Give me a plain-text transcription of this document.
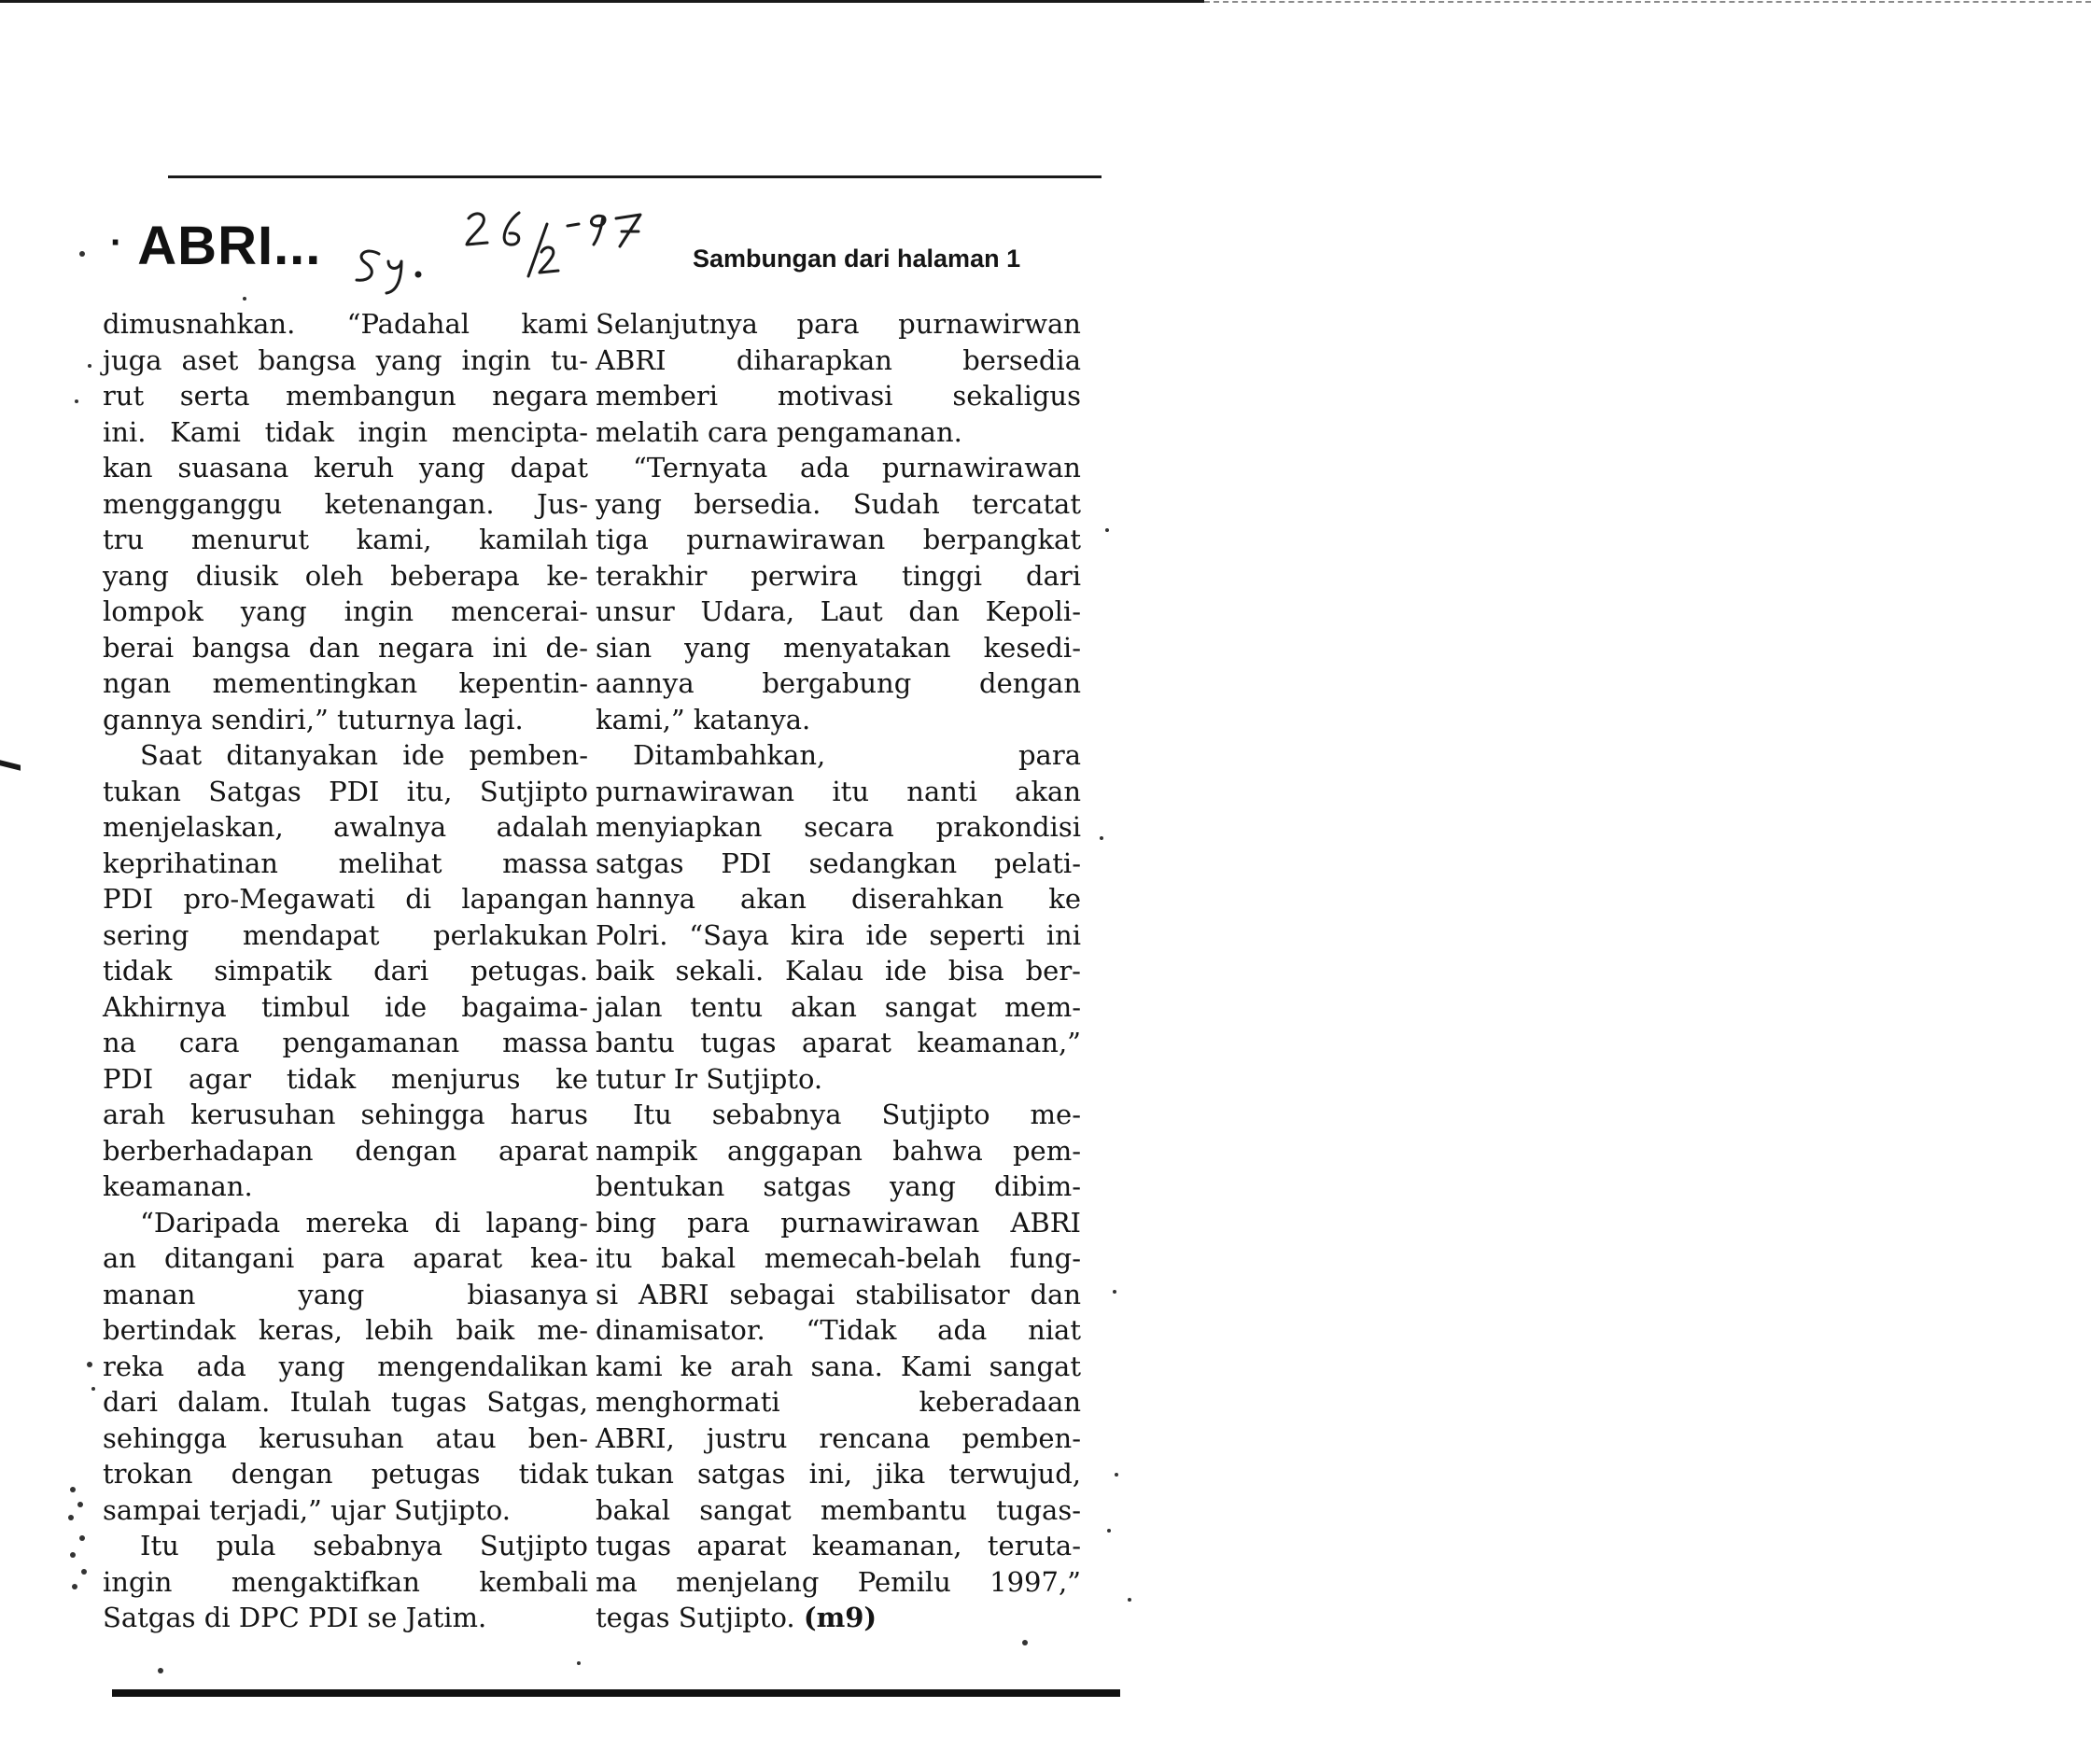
· ABRI...
Sy. 26/2-97
Sambungan dari halaman 1
dimusnahkan. “Padahal kami
juga aset bangsa yang ingin tu-
rut serta membangun negara
ini. Kami tidak ingin mencipta-
kan suasana keruh yang dapat
mengganggu ketenangan. Jus-
tru menurut kami, kamilah
yang diusik oleh beberapa ke-
lompok yang ingin mencerai-
berai bangsa dan negara ini de-
ngan mementingkan kepentin-
gannya sendiri,” tuturnya lagi.
Saat ditanyakan ide pemben-
tukan Satgas PDI itu, Sutjipto
menjelaskan, awalnya adalah
keprihatinan melihat massa
PDI pro-Megawati di lapangan
sering mendapat perlakukan
tidak simpatik dari petugas.
Akhirnya timbul ide bagaima-
na cara pengamanan massa
PDI agar tidak menjurus ke
arah kerusuhan sehingga harus
berberhadapan dengan aparat
keamanan.
“Daripada mereka di lapang-
an ditangani para aparat kea-
manan yang biasanya
bertindak keras, lebih baik me-
reka ada yang mengendalikan
dari dalam. Itulah tugas Satgas,
sehingga kerusuhan atau ben-
trokan dengan petugas tidak
sampai terjadi,” ujar Sutjipto.
Itu pula sebabnya Sutjipto
ingin mengaktifkan kembali
Satgas di DPC PDI se Jatim.
Selanjutnya para purnawirwan
ABRI diharapkan bersedia
memberi motivasi sekaligus
melatih cara pengamanan.
“Ternyata ada purnawirawan
yang bersedia. Sudah tercatat
tiga purnawirawan berpangkat
terakhir perwira tinggi dari
unsur Udara, Laut dan Kepoli-
sian yang menyatakan kesedi-
aannya bergabung dengan
kami,” katanya.
Ditambahkan, para
purnawirawan itu nanti akan
menyiapkan secara prakondisi
satgas PDI sedangkan pelati-
hannya akan diserahkan ke
Polri. “Saya kira ide seperti ini
baik sekali. Kalau ide bisa ber-
jalan tentu akan sangat mem-
bantu tugas aparat keamanan,”
tutur Ir Sutjipto.
Itu sebabnya Sutjipto me-
nampik anggapan bahwa pem-
bentukan satgas yang dibim-
bing para purnawirawan ABRI
itu bakal memecah-belah fung-
si ABRI sebagai stabilisator dan
dinamisator. “Tidak ada niat
kami ke arah sana. Kami sangat
menghormati keberadaan
ABRI, justru rencana pemben-
tukan satgas ini, jika terwujud,
bakal sangat membantu tugas-
tugas aparat keamanan, teruta-
ma menjelang Pemilu 1997,”
tegas Sutjipto. (m9)
